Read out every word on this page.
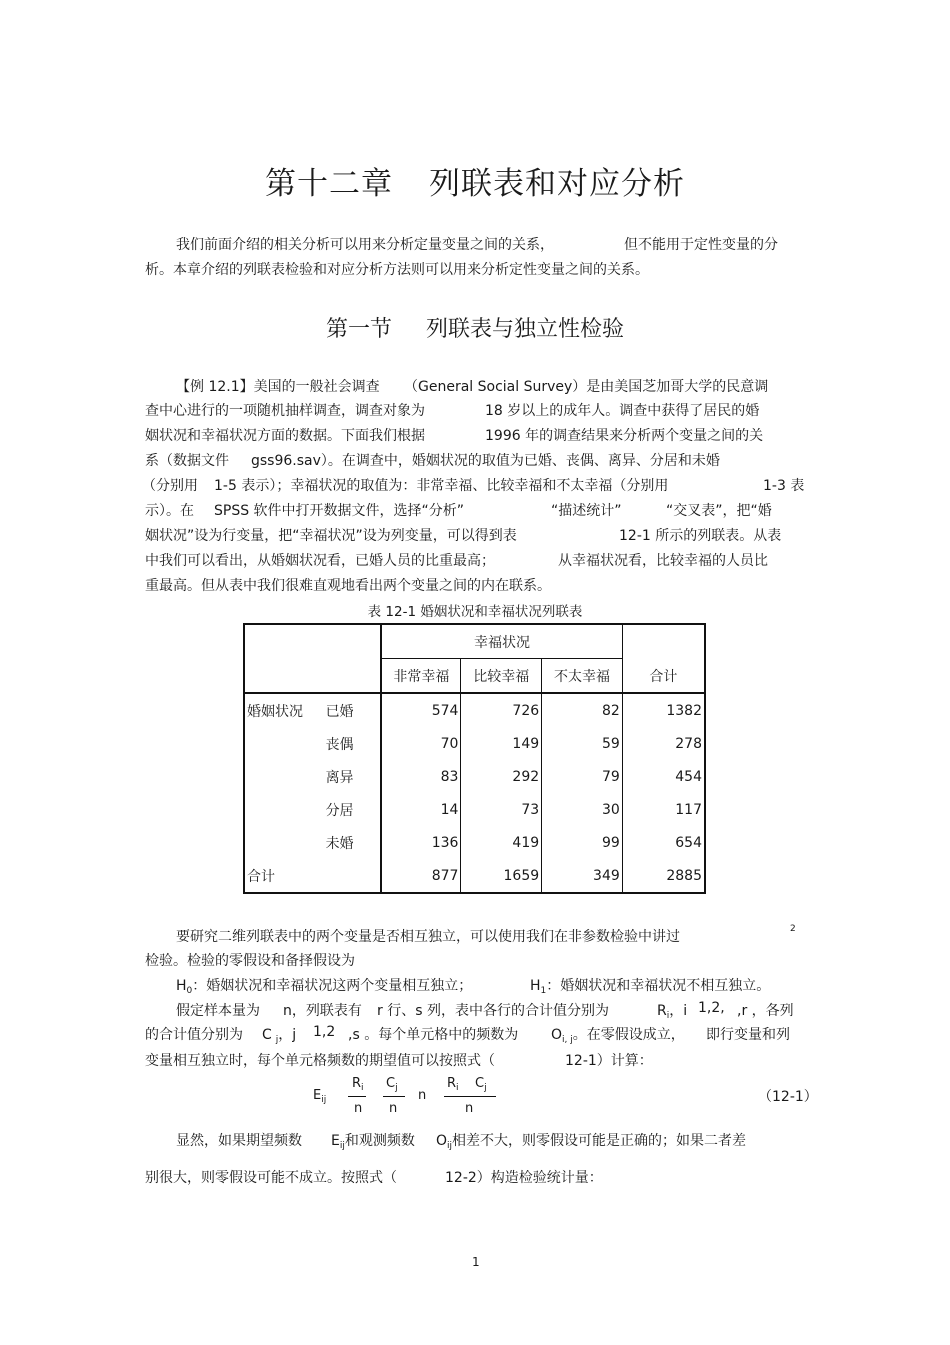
第十二章 列联表和对应分析
我们前面介绍的相关分析可以用来分析定量变量之间的关系，	但不能用于定性变量的分
析。本章介绍的列联表检验和对应分析方法则可以用来分析定性变量之间的关系。
第一节 列联表与独立性检验
【例 12.1】美国的一般社会调查 （General Social Survey）是由美国芝加哥大学的民意调
查中心进行的一项随机抽样调查，调查对象为	18 岁以上的成年人。调查中获得了居民的婚
姻状况和幸福状况方面的数据。下面我们根据	1996 年的调查结果来分析两个变量之间的关
系（数据文件 gss96.sav）。在调查中，婚姻状况的取值为已婚、丧偶、离异、分居和未婚
（分别用 1-5 表示）；幸福状况的取值为：非常幸福、比较幸福和不太幸福（分别用	1-3 表
示）。在 SPSS 软件中打开数据文件，选择“分析”	“描述统计”	“交叉表”，把“婚
姻状况”设为行变量，把“幸福状况”设为列变量，可以得到表	12-1 所示的列联表。从表
中我们可以看出，从婚姻状况看，已婚人员的比重最高；	从幸福状况看，比较幸福的人员比
重最高。但从表中我们很难直观地看出两个变量之间的内在联系。
表 12-1 婚姻状况和幸福状况列联表
		幸福状况			合计
		非常幸福	比较幸福	不太幸福	
婚姻状况	已婚	574	726	82	1382
	丧偶	70	149	59	278
	离异	83	292	79	454
	分居	14	73	30	117
	未婚	136	419	99	654
合计		877	1659	349	2885
要研究二维列联表中的两个变量是否相互独立，可以使用我们在非参数检验中讲过	2
检验。检验的零假设和备择假设为
$H_0$：婚姻状况和幸福状况这两个变量相互独立；	$H_1$：婚姻状况和幸福状况不相互独立。
假定样本量为 n，列联表有 r 行、s 列，表中各行的合计值分别为	$R_i$，i 1,2, ,r ，各列
的合计值分别为 C $_j$，j 1,2 ,s 。每个单元格中的频数为 $O_{i, j}$。在零假设成立， 即行变量和列
变量相互独立时，每个单元格频数的期望值可以按照式（	12-1）计算：
$E_{ij}$
$R_i$
n
$C_j$
n
n
$R_i$ $C_j$
n
（12-1）
显然，如果期望频数 $E_{ij}$和观测频数 $O_{ij}$相差不大，则零假设可能是正确的；如果二者差
别很大，则零假设可能不成立。按照式（	12-2）构造检验统计量：
1
